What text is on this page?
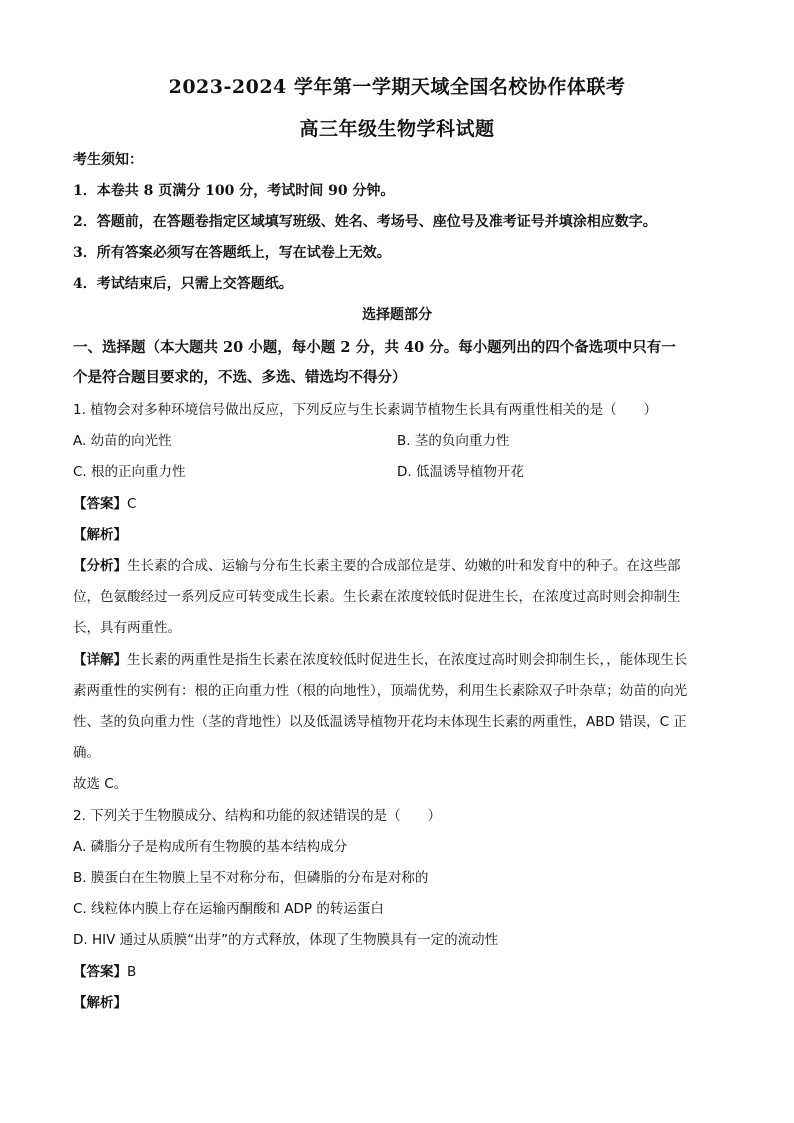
2023-2024 学年第一学期天域全国名校协作体联考
高三年级生物学科试题
考生须知：
1．本卷共 8 页满分 100 分，考试时间 90 分钟。
2．答题前，在答题卷指定区域填写班级、姓名、考场号、座位号及准考证号并填涂相应数字。
3．所有答案必须写在答题纸上，写在试卷上无效。
4．考试结束后，只需上交答题纸。
选择题部分
一、选择题（本大题共 20 小题，每小题 2 分，共 40 分。每小题列出的四个备选项中只有一
个是符合题目要求的，不选、多选、错选均不得分）
1. 植物会对多种环境信号做出反应，下列反应与生长素调节植物生长具有两重性相关的是（　　）
A. 幼苗的向光性	B. 茎的负向重力性
C. 根的正向重力性	D. 低温诱导植物开花
【答案】C
【解析】
【分析】生长素的合成、运输与分布生长素主要的合成部位是芽、幼嫩的叶和发育中的种子。在这些部
位，色氨酸经过一系列反应可转变成生长素。生长素在浓度较低时促进生长，在浓度过高时则会抑制生
长，具有两重性。
【详解】生长素的两重性是指生长素在浓度较低时促进生长，在浓度过高时则会抑制生长，，能体现生长
素两重性的实例有：根的正向重力性（根的向地性），顶端优势，利用生长素除双子叶杂草；幼苗的向光
性、茎的负向重力性（茎的背地性）以及低温诱导植物开花均未体现生长素的两重性，ABD 错误，C 正
确。
故选 C。
2. 下列关于生物膜成分、结构和功能的叙述错误的是（　　）
A. 磷脂分子是构成所有生物膜的基本结构成分
B. 膜蛋白在生物膜上呈不对称分布，但磷脂的分布是对称的
C. 线粒体内膜上存在运输丙酮酸和 ADP 的转运蛋白
D. HIV 通过从质膜“出芽”的方式释放，体现了生物膜具有一定的流动性
【答案】B
【解析】
